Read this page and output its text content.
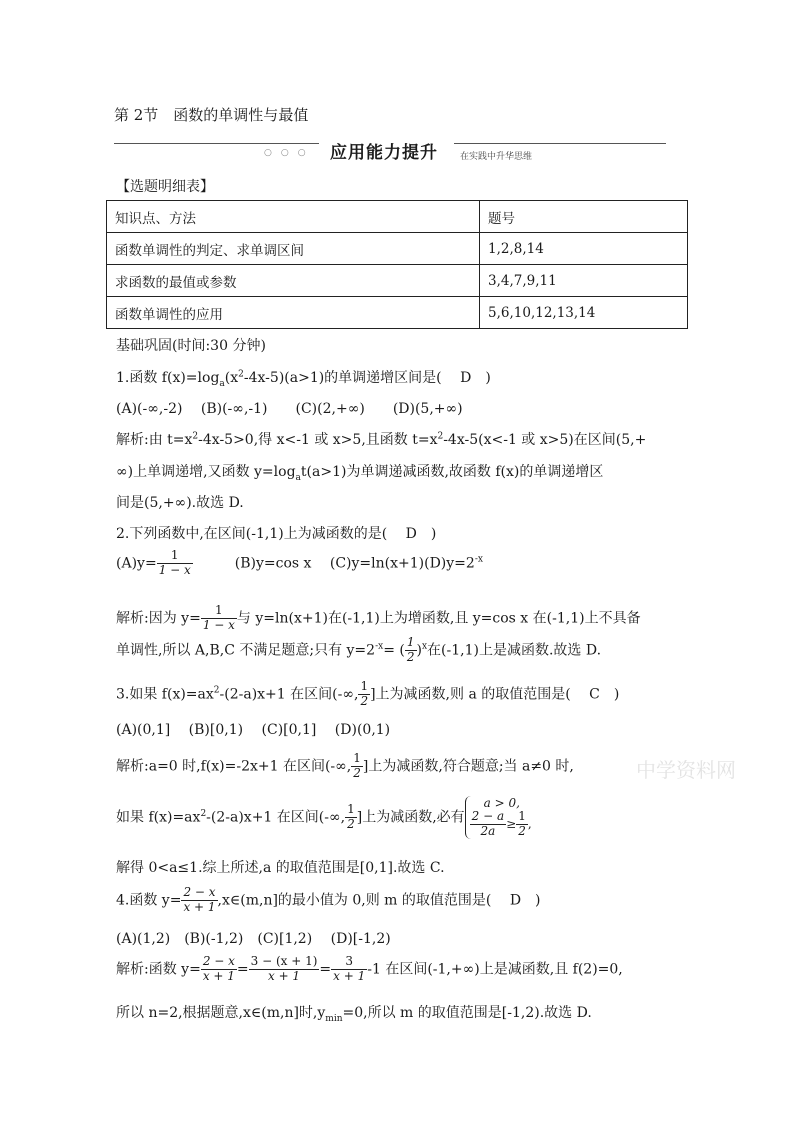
第 2节　函数的单调性与最值
○○○ 应用能力提升 在实践中升华思维
【选题明细表】
知识点、方法	题号
函数单调性的判定、求单调区间	1,2,8,14
求函数的最值或参数	3,4,7,9,11
函数单调性的应用	5,6,10,12,13,14

基础巩固(时间:30 分钟)

1.函数 $f(x)=\log_a(x^2-4x-5)(a>1)$的单调递增区间是(　 D　)

(A)(-∞,-2)　 (B)(-∞,-1)　　(C)(2,+∞)　　(D)(5,+∞)

解析:由 $t=x^2-4x-5>0$,得 x<-1 或 x>5,且函数 $t=x^2-4x-5(x<-1$ 或 x>5)在区间(5,+

∞)上单调递增,又函数 $y=\log_at(a>1)$为单调递减函数,故函数 f(x)的单调递增区

间是(5,+∞).故选 D.

2.下列函数中,在区间(-1,1)上为减函数的是(　 D　)

$(A)y= \frac{1}{1 - x}$ 　　　(B)y=cos x　 $(C)y=\ln(x+1)(D)y=2^{-x}$

解析:因为 $y= \frac{1}{1 - x}$ 与 y=ln(x+1)在(-1,1)上为增函数,且 y=cos x 在(-1,1)上不具备

单调性,所以 A,B,C 不满足题意;只有 $y=2^{-x}=$ ( $\frac{1}{2} )^x$在(-1,1)上是减函数.故选 D.

3.如果 $f(x)=ax^2-(2-a)x+1$ 在区间(-∞, $\frac{1}{2}$ ]上为减函数,则 a 的取值范围是(　 C　)

(A)(0,1]　 (B)[0,1)　 (C)[0,1]　 (D)(0,1)

解析:a=0 时,f(x)=-2x+1 在区间(-∞, $\frac{1}{2}$ ]上为减函数,符合题意;当 a≠0 时,

如果 $f(x)=ax^2-(2-a)x+1$ 在区间(-∞, $\frac{1}{2}$ ]上为减函数,必有
a > 0,
$\frac{2 - a}{2a} \ge \frac{1}{2}$ ,

解得 0<a≤1.综上所述,a 的取值范围是[0,1].故选 C.

4.函数 $y= \frac{2 - x}{x + 1}$ ,x∈(m,n]的最小值为 0,则 m 的取值范围是(　 D　)

(A)(1,2)　(B)(-1,2)　(C)[1,2)　 (D)[-1,2)

解析:函数 $y= \frac{2 - x}{x + 1} = \frac{3 - (x + 1)}{x + 1} = \frac{3}{x + 1} -1$ 在区间(-1,+∞)上是减函数,且 f(2)=0,

所以 n=2,根据题意,x∈(m,n]时$,y_{min}=0$,所以 m 的取值范围是[-1,2).故选 D.

中学资料网
